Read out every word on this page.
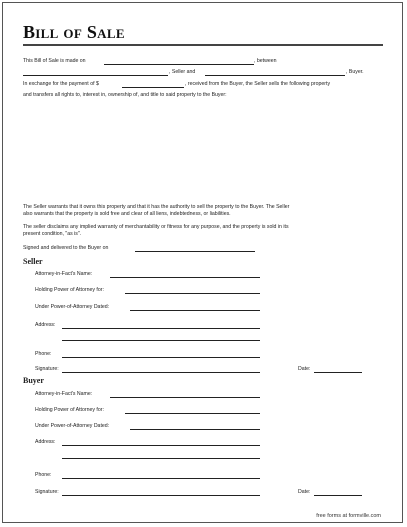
Bill of Sale
This Bill of Sale is made on	, between
, Seller and	, Buyer.
In exchange for the payment of $	, received from the Buyer, the Seller sells the following property
and transfers all rights to, interest in, ownership of, and title to said property to the Buyer:
The Seller warrants that it owns this property and that it has the authority to sell the property to the Buyer. The Seller
also warrants that the property is sold free and clear of all liens, indebtedness, or liabilities.
The seller disclaims any implied warranty of merchantability or fitness for any purpose, and the property is sold in its
present condition, "as is".
Signed and delivered to the Buyer on
Seller
Attorney-in-Fact's Name:
Holding Power of Attorney for:
Under Power-of-Attorney Dated:
Address:
Phone:
Signature:	Date:
Buyer
Attorney-in-Fact's Name:
Holding Power of Attorney for:
Under Power-of-Attorney Dated:
Address:
Phone:
Signature:	Date:
free forms at formville.com
